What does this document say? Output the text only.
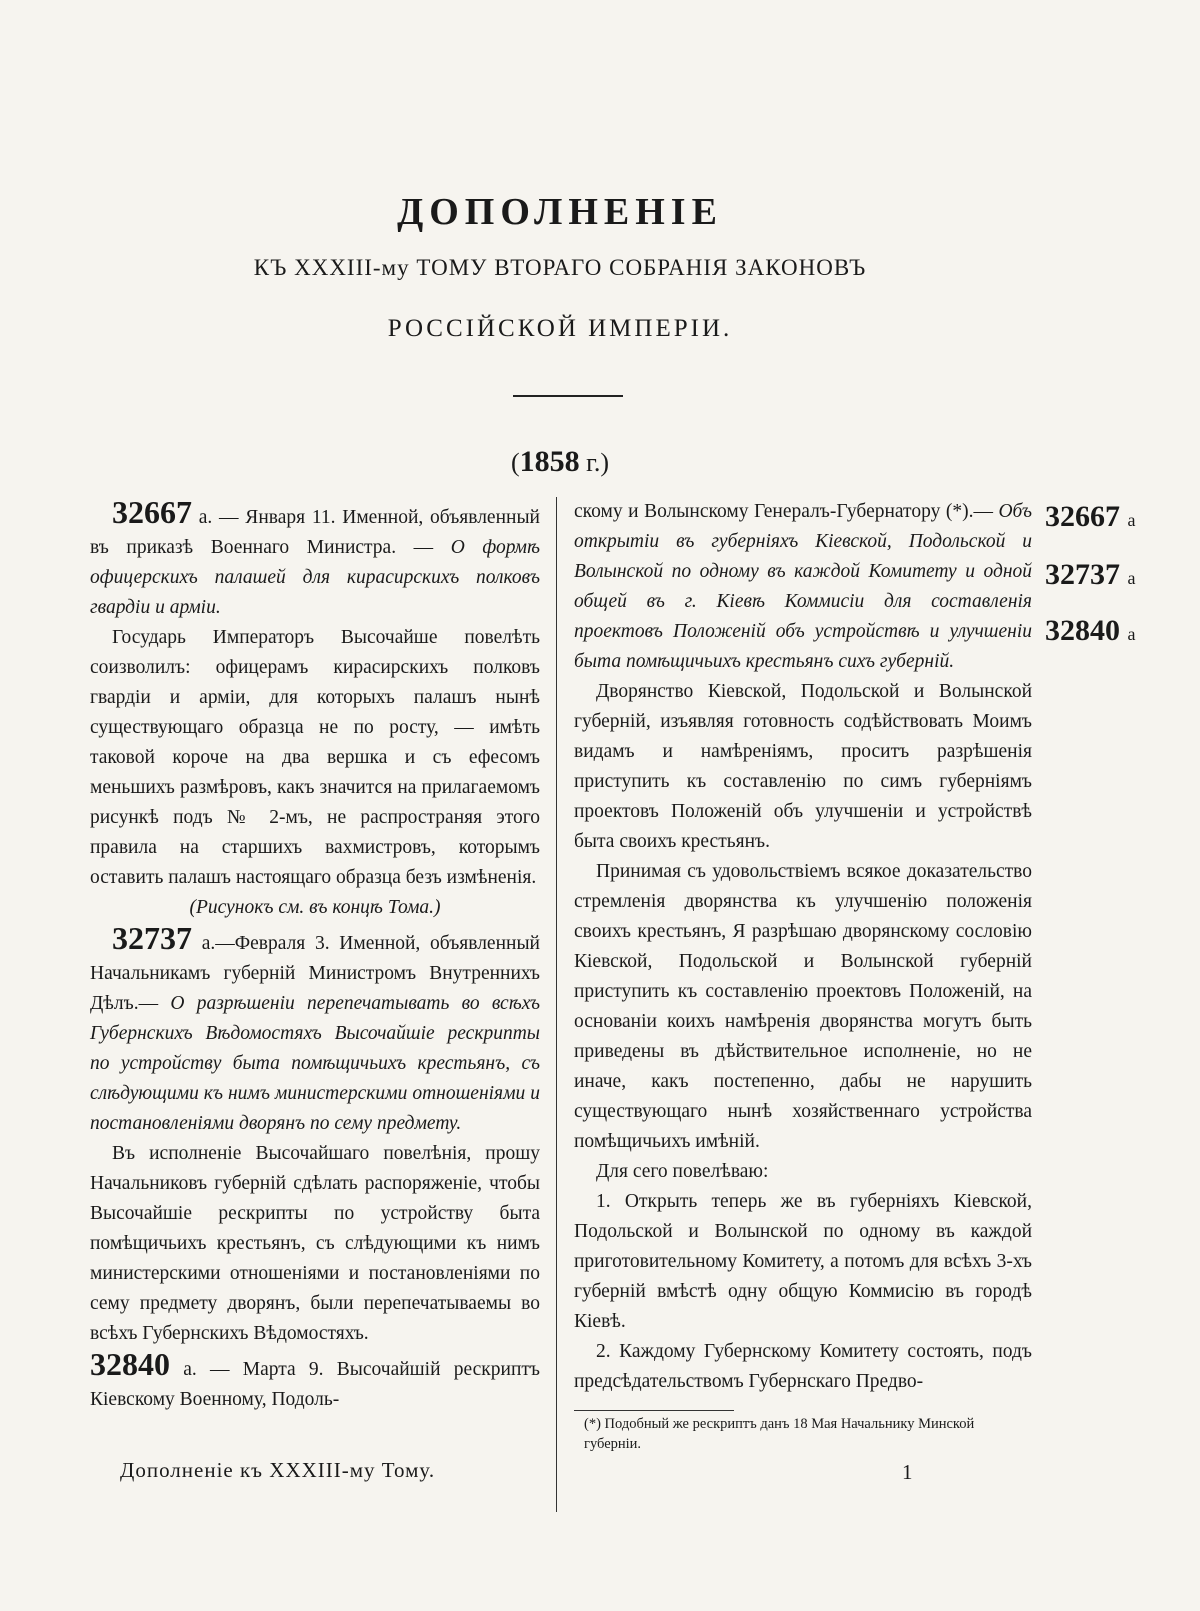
ДОПОЛНЕНІЕ
КЪ XXXIII-му ТОМУ ВТОРАГО СОБРАНІЯ ЗАКОНОВЪ
РОССІЙСКОЙ ИМПЕРІИ.
(1858 г.)

32667 а. — Января 11. Именной, объявленный въ приказѣ Военнаго Министра. — О формѣ офицерскихъ палашей для кирасирскихъ полковъ гвардіи и арміи.

Государь Императоръ Высочайше повелѣть соизволилъ: офицерамъ кирасирскихъ полковъ гвардіи и арміи, для которыхъ палашъ нынѣ существующаго образца не по росту, — имѣть таковой короче на два вершка и съ ефесомъ меньшихъ размѣровъ, какъ значится на прилагаемомъ рисункѣ подъ № 2-мъ, не распространяя этого правила на старшихъ вахмистровъ, которымъ оставить палашъ настоящаго образца безъ измѣненія.

(Рисунокъ см. въ концѣ Тома.)

32737 а.—Февраля 3. Именной, объявленный Начальникамъ губерній Министромъ Внутреннихъ Дѣлъ.— О разрѣшеніи перепечатывать во всѣхъ Губернскихъ Вѣдомостяхъ Высочайшіе рескрипты по устройству быта помѣщичьихъ крестьянъ, съ слѣдующими къ нимъ министерскими отношеніями и постановленіями дворянъ по сему предмету.

Въ исполненіе Высочайшаго повелѣнія, прошу Начальниковъ губерній сдѣлать распоряженіе, чтобы Высочайшіе рескрипты по устройству быта помѣщичьихъ крестьянъ, съ слѣдующими къ нимъ министерскими отношеніями и постановленіями по сему предмету дворянъ, были перепечатываемы во всѣхъ Губернскихъ Вѣдомостяхъ.

32840 а. — Марта 9. Высочайшій рескриптъ Кіевскому Военному, Подоль-

скому и Волынскому Генералъ-Губернатору (*).— Объ открытіи въ губерніяхъ Кіевской, Подольской и Волынской по одному въ каждой Комитету и одной общей въ г. Кіевѣ Коммисіи для составленія проектовъ Положеній объ устройствѣ и улучшеніи быта помѣщичьихъ крестьянъ сихъ губерній.

Дворянство Кіевской, Подольской и Волынской губерній, изъявляя готовность содѣйствовать Моимъ видамъ и намѣреніямъ, проситъ разрѣшенія приступить къ составленію по симъ губерніямъ проектовъ Положеній объ улучшеніи и устройствѣ быта своихъ крестьянъ.

Принимая съ удовольствіемъ всякое доказательство стремленія дворянства къ улучшенію положенія своихъ крестьянъ, Я разрѣшаю дворянскому сословію Кіевской, Подольской и Волынской губерній приступить къ составленію проектовъ Положеній, на основаніи коихъ намѣренія дворянства могутъ быть приведены въ дѣйствительное исполненіе, но не иначе, какъ постепенно, дабы не нарушить существующаго нынѣ хозяйственнаго устройства помѣщичьихъ имѣній.

Для сего повелѣваю:

1. Открыть теперь же въ губерніяхъ Кіевской, Подольской и Волынской по одному въ каждой приготовительному Комитету, а потомъ для всѣхъ 3-хъ губерній вмѣстѣ одну общую Коммисію въ городѣ Кіевѣ.

2. Каждому Губернскому Комитету состоять, подъ предсѣдательствомъ Губернскаго Предво-

32667 а
32737 а
32840 а
(*) Подобный же рескриптъ данъ 18 Мая Начальнику Минской губерніи.
Дополненіе къ XXXIII-му Тому.	1
